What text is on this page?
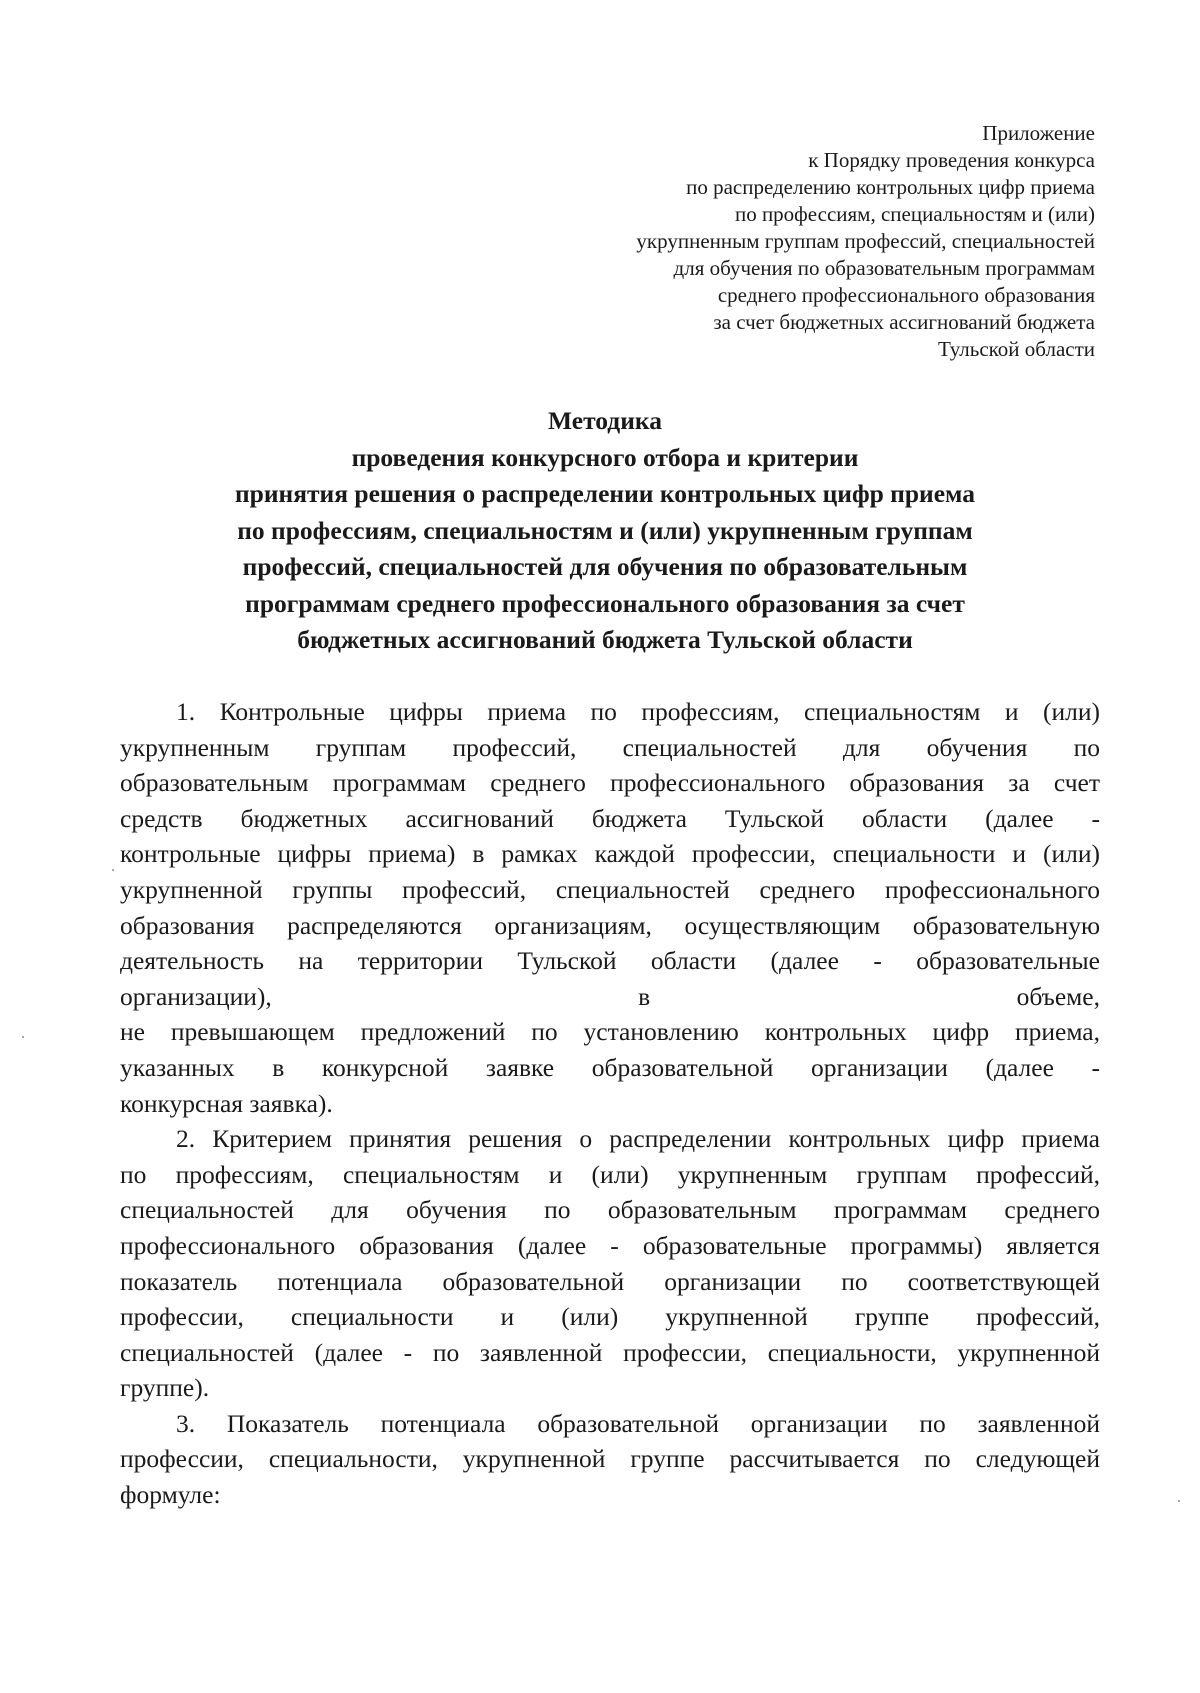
Приложение
к Порядку проведения конкурса
по распределению контрольных цифр приема
по профессиям, специальностям и (или)
укрупненным группам профессий, специальностей
для обучения по образовательным программам
среднего профессионального образования
за счет бюджетных ассигнований бюджета
Тульской области
Методика
проведения конкурсного отбора и критерии
принятия решения о распределении контрольных цифр приема
по профессиям, специальностям и (или) укрупненным группам
профессий, специальностей для обучения по образовательным
программам среднего профессионального образования за счет
бюджетных ассигнований бюджета Тульской области
1. Контрольные цифры приема по профессиям, специальностям и (или)
укрупненным группам профессий, специальностей для обучения по
образовательным программам среднего профессионального образования за счет
средств бюджетных ассигнований бюджета Тульской области (далее -
контрольные цифры приема) в рамках каждой профессии, специальности и (или)
укрупненной группы профессий, специальностей среднего профессионального
образования распределяются организациям, осуществляющим образовательную
деятельность на территории Тульской области (далее - образовательные
организации), в объеме,
не превышающем предложений по установлению контрольных цифр приема,
указанных в конкурсной заявке образовательной организации (далее -
конкурсная заявка).
2. Критерием принятия решения о распределении контрольных цифр приема
по профессиям, специальностям и (или) укрупненным группам профессий,
специальностей для обучения по образовательным программам среднего
профессионального образования (далее - образовательные программы) является
показатель потенциала образовательной организации по соответствующей
профессии, специальности и (или) укрупненной группе профессий,
специальностей (далее - по заявленной профессии, специальности, укрупненной
группе).
3. Показатель потенциала образовательной организации по заявленной
профессии, специальности, укрупненной группе рассчитывается по следующей
формуле:
